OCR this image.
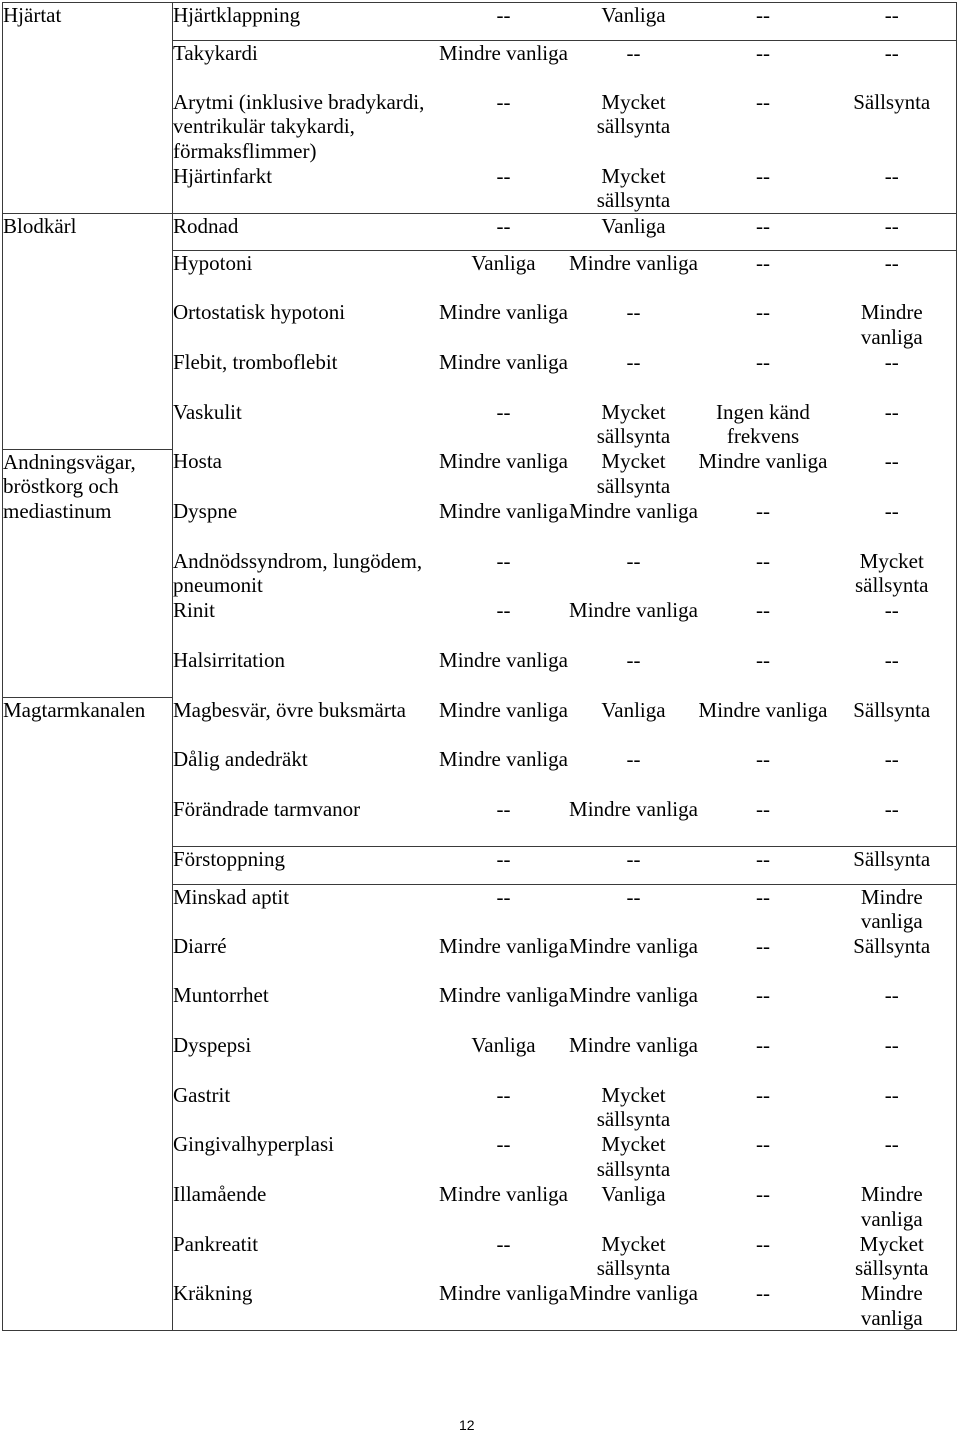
Hjärtat	Hjärtklappning	--	Vanliga	--	--
	Takykardi	Mindre vanliga	--	--	--
	Arytmi (inklusive bradykardi, ventrikulär takykardi, förmaksflimmer)	--	Mycket sällsynta	--	Sällsynta
	Hjärtinfarkt	--	Mycket sällsynta	--	--
Blodkärl	Rodnad	--	Vanliga	--	--
	Hypotoni	Vanliga	Mindre vanliga	--	--
	Ortostatisk hypotoni	Mindre vanliga	--	--	Mindre vanliga
	Flebit, tromboflebit	Mindre vanliga	--	--	--
	Vaskulit	--	Mycket sällsynta	Ingen känd frekvens	--
Andningsvägar, bröstkorg och mediastinum	Hosta	Mindre vanliga	Mycket sällsynta	Mindre vanliga	--
	Dyspne	Mindre vanliga	Mindre vanliga	--	--
	Andnödssyndrom, lungödem, pneumonit	--	--	--	Mycket sällsynta
	Rinit	--	Mindre vanliga	--	--
	Halsirritation	Mindre vanliga	--	--	--
Magtarmkanalen	Magbesvär, övre buksmärta	Mindre vanliga	Vanliga	Mindre vanliga	Sällsynta
	Dålig andedräkt	Mindre vanliga	--	--	--
	Förändrade tarmvanor	--	Mindre vanliga	--	--
	Förstoppning	--	--	--	Sällsynta
	Minskad aptit	--	--	--	Mindre vanliga
	Diarré	Mindre vanliga	Mindre vanliga	--	Sällsynta
	Muntorrhet	Mindre vanliga	Mindre vanliga	--	--
	Dyspepsi	Vanliga	Mindre vanliga	--	--
	Gastrit	--	Mycket sällsynta	--	--
	Gingivalhyperplasi	--	Mycket sällsynta	--	--
	Illamående	Mindre vanliga	Vanliga	--	Mindre vanliga
	Pankreatit	--	Mycket sällsynta	--	Mycket sällsynta
	Kräkning	Mindre vanliga	Mindre vanliga	--	Mindre vanliga
12
